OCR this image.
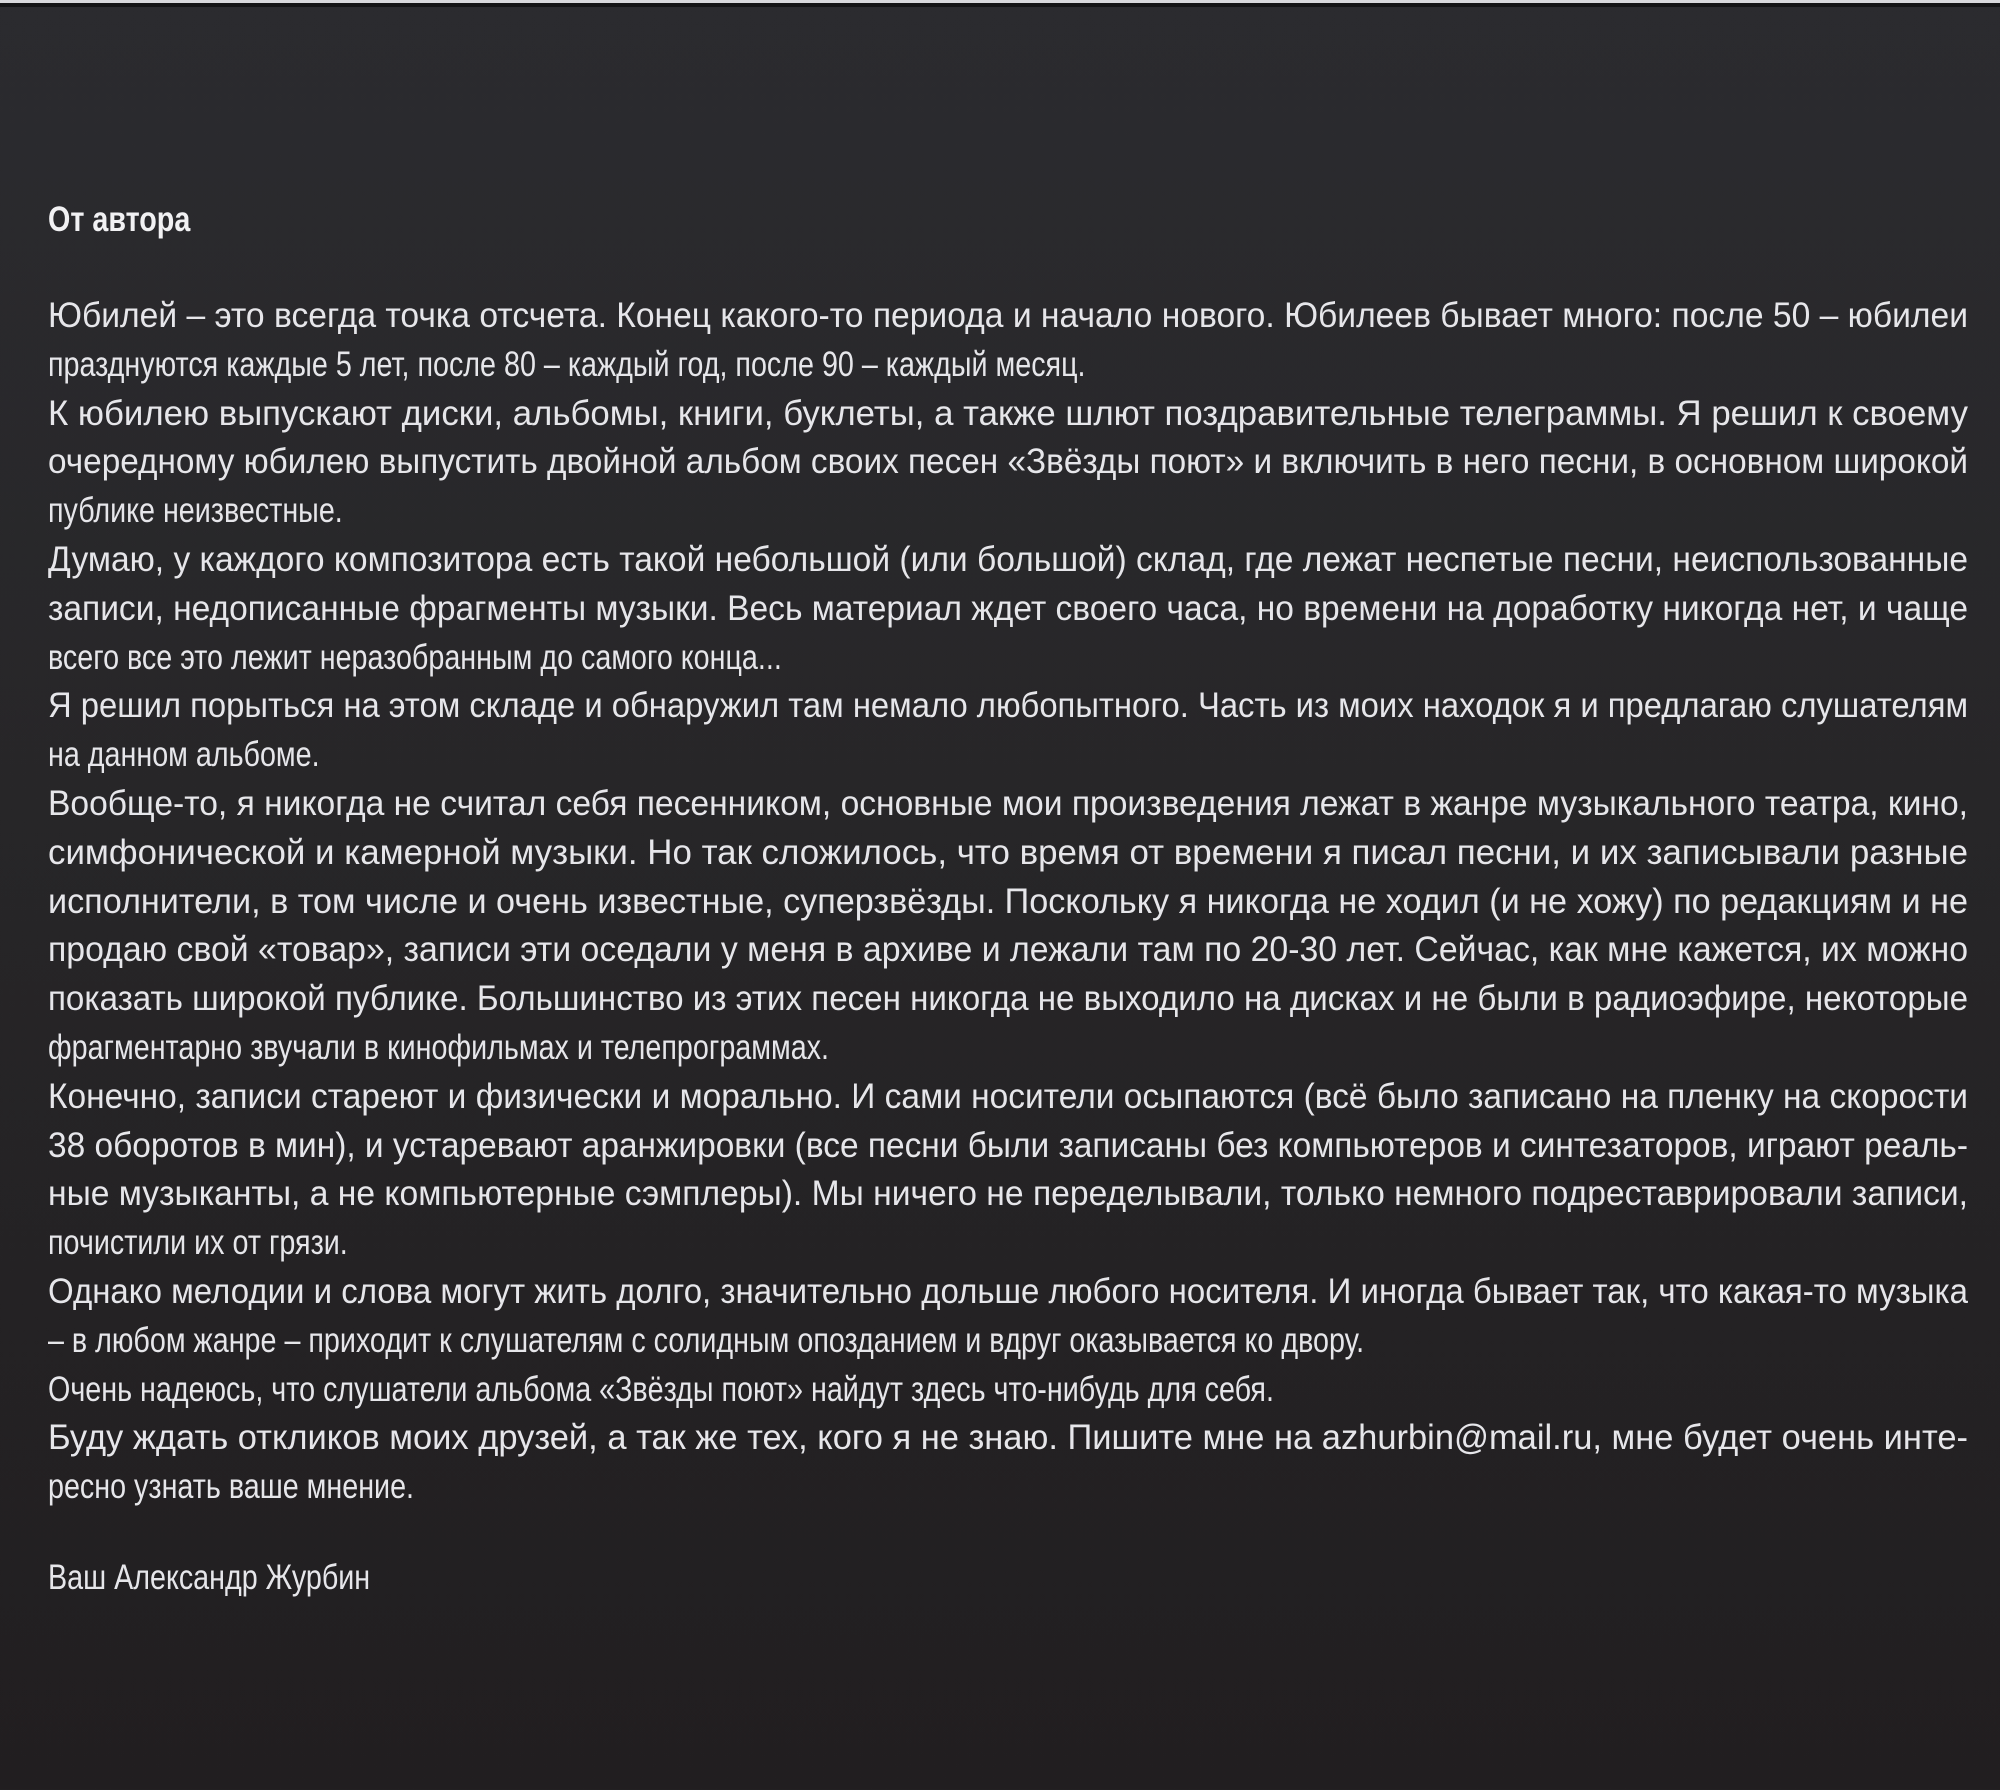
От автора
Юбилей – это всегда точка отсчета. Конец какого-то периода и начало нового. Юбилеев бывает много: после 50 – юбилеи
празднуются каждые 5 лет, после 80 – каждый год, после 90 – каждый месяц.
К юбилею выпускают диски, альбомы, книги, буклеты, а также шлют поздравительные телеграммы. Я решил к своему
очередному юбилею выпустить двойной альбом своих песен «Звёзды поют» и включить в него песни, в основном широкой
публике неизвестные.
Думаю, у каждого композитора есть такой небольшой (или большой) склад, где лежат неспетые песни, неиспользованные
записи, недописанные фрагменты музыки. Весь материал ждет своего часа, но времени на доработку никогда нет, и чаще
всего все это лежит неразобранным до самого конца...
Я решил порыться на этом складе и обнаружил там немало любопытного. Часть из моих находок я и предлагаю слушателям
на данном альбоме.
Вообще-то, я никогда не считал себя песенником, основные мои произведения лежат в жанре музыкального театра, кино,
симфонической и камерной музыки. Но так сложилось, что время от времени я писал песни, и их записывали разные
исполнители, в том числе и очень известные, суперзвёзды. Поскольку я никогда не ходил (и не хожу) по редакциям и не
продаю свой «товар», записи эти оседали у меня в архиве и лежали там по 20-30 лет. Сейчас, как мне кажется, их можно
показать широкой публике. Большинство из этих песен никогда не выходило на дисках и не были в радиоэфире, некоторые
фрагментарно звучали в кинофильмах и телепрограммах.
Конечно, записи стареют и физически и морально. И сами носители осыпаются (всё было записано на пленку на скорости
38 оборотов в мин), и устаревают аранжировки (все песни были записаны без компьютеров и синтезаторов, играют реаль-
ные музыканты, а не компьютерные сэмплеры). Мы ничего не переделывали, только немного подреставрировали записи,
почистили их от грязи.
Однако мелодии и слова могут жить долго, значительно дольше любого носителя. И иногда бывает так, что какая-то музыка
– в любом жанре – приходит к слушателям с солидным опозданием и вдруг оказывается ко двору.
Очень надеюсь, что слушатели альбома «Звёзды поют» найдут здесь что-нибудь для себя.
Буду ждать откликов моих друзей, а так же тех, кого я не знаю. Пишите мне на azhurbin@mail.ru, мне будет очень инте-
ресно узнать ваше мнение.
Ваш Александр Журбин
